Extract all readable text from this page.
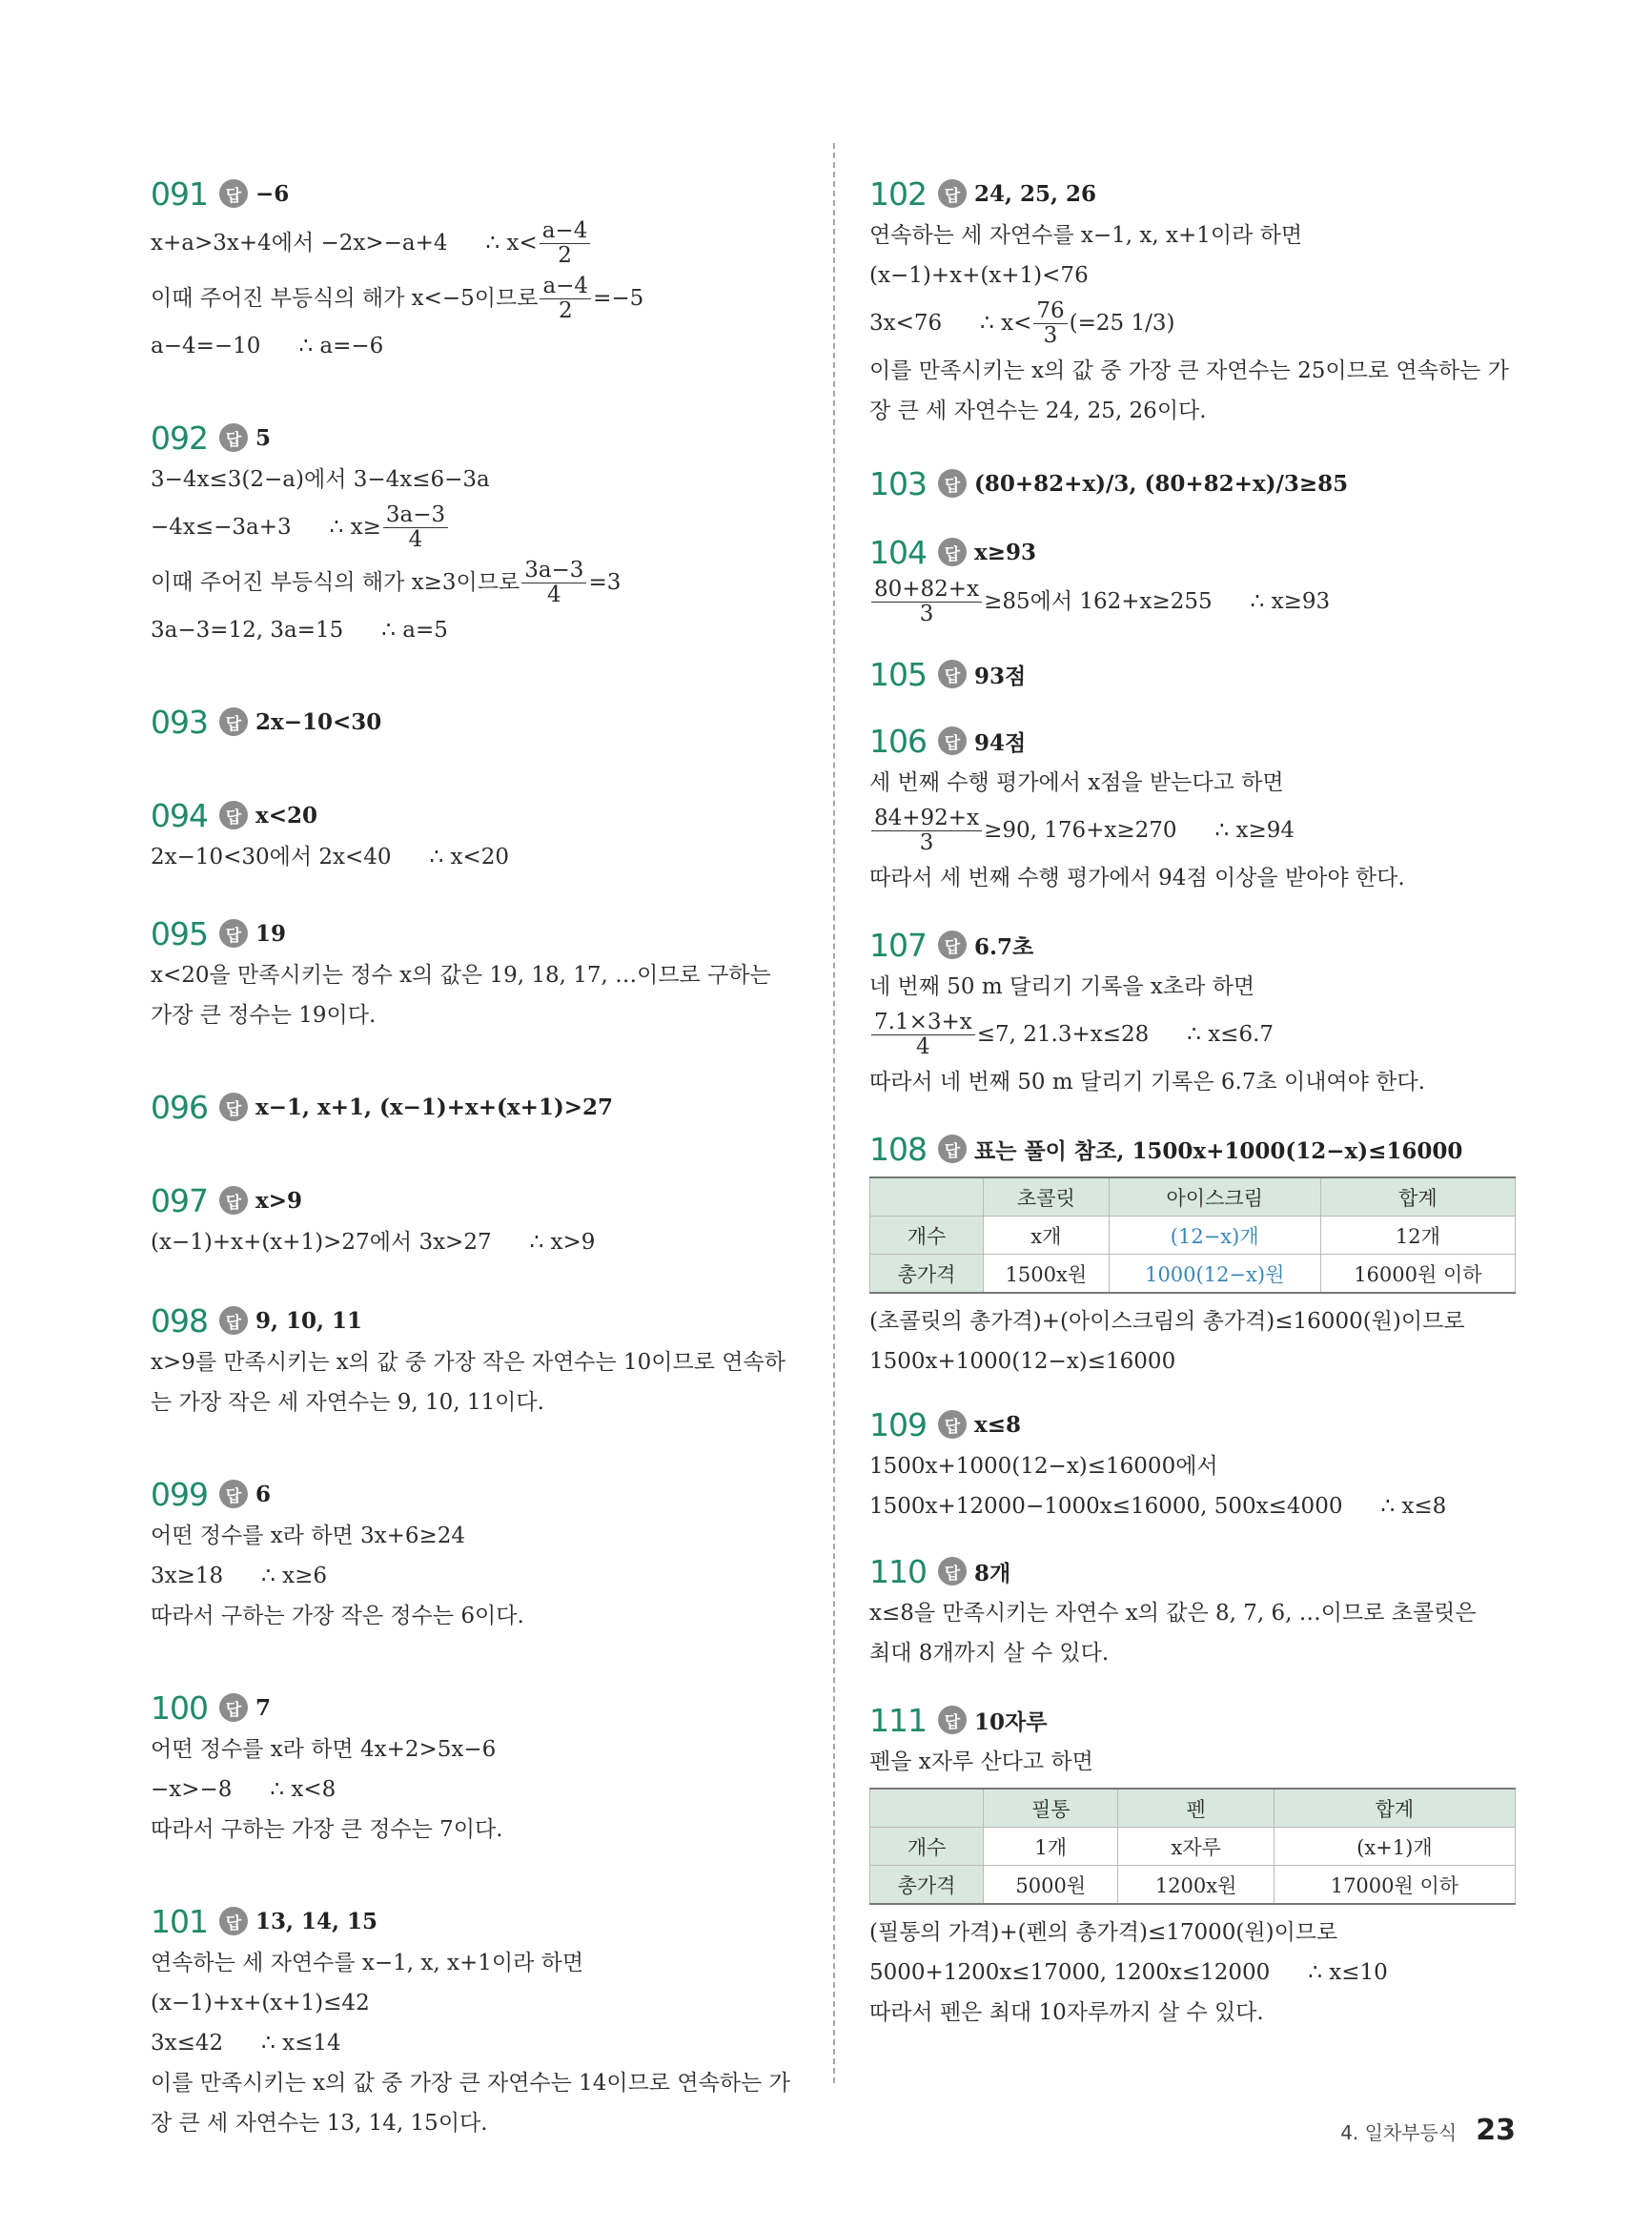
091	답 −6
x+a>3x+4에서 −2x>−a+4 ∴ $x< \frac{a-4}{2}$
이때 주어진 부등식의 해가 x<−5이므로 $\frac{a-4}{2} =-5$
a−4=−10 ∴ a=−6
092	답 5
3−4x≤3(2−a)에서 3−4x≤6−3a
−4x≤−3a+3 ∴ $x\ge \frac{3a-3}{4}$
이때 주어진 부등식의 해가 x≥3이므로 $\frac{3a-3}{4} =3$
3a−3=12, 3a=15 ∴ a=5
093	답 2x−10<30
094	답 x<20
2x−10<30에서 2x<40 ∴ x<20
095	답 19
x<20을 만족시키는 정수 x의 값은 19, 18, 17, …이므로 구하는
가장 큰 정수는 19이다.
096	답 x−1, x+1, (x−1)+x+(x+1)>27
097	답 x>9
(x−1)+x+(x+1)>27에서 3x>27 ∴ x>9
098	답 9, 10, 11
x>9를 만족시키는 x의 값 중 가장 작은 자연수는 10이므로 연속하
는 가장 작은 세 자연수는 9, 10, 11이다.
099	답 6
어떤 정수를 x라 하면 3x+6≥24
3x≥18 ∴ x≥6
따라서 구하는 가장 작은 정수는 6이다.
100	답 7
어떤 정수를 x라 하면 4x+2>5x−6
−x>−8 ∴ x<8
따라서 구하는 가장 큰 정수는 7이다.
101	답 13, 14, 15
연속하는 세 자연수를 x−1, x, x+1이라 하면
(x−1)+x+(x+1)≤42
3x≤42 ∴ x≤14
이를 만족시키는 x의 값 중 가장 큰 자연수는 14이므로 연속하는 가
장 큰 세 자연수는 13, 14, 15이다.
102	답 24, 25, 26
연속하는 세 자연수를 x−1, x, x+1이라 하면
(x−1)+x+(x+1)<76
3x<76 ∴ $x< \frac{76}{3} (=25$ 1/3)
이를 만족시키는 x의 값 중 가장 큰 자연수는 25이므로 연속하는 가
장 큰 세 자연수는 24, 25, 26이다.
103	답 (80+82+x)/3, (80+82+x)/3≥85
104	답 x≥93
$\frac{80+82+x}{3} \ge 85$에서 162+x≥255 ∴ x≥93
105	답 93점
106	답 94점
세 번째 수행 평가에서 x점을 받는다고 하면
$\frac{84+92+x}{3} \ge 90$, 176+x≥270 ∴ x≥94
따라서 세 번째 수행 평가에서 94점 이상을 받아야 한다.
107	답 6.7초
네 번째 50 m 달리기 기록을 x초라 하면
$\frac{7.1\times 3+x}{4} \le 7$, 21.3+x≤28 ∴ x≤6.7
따라서 네 번째 50 m 달리기 기록은 6.7초 이내여야 한다.
108	답 표는 풀이 참조, 1500x+1000(12−x)≤16000
	초콜릿	아이스크림	합계
개수	x개	(12−x)개	12개
총가격	1500x원	1000(12−x)원	16000원 이하
(초콜릿의 총가격)+(아이스크림의 총가격)≤16000(원)이므로
1500x+1000(12−x)≤16000
109	답 x≤8
1500x+1000(12−x)≤16000에서
1500x+12000−1000x≤16000, 500x≤4000 ∴ x≤8
110	답 8개
x≤8을 만족시키는 자연수 x의 값은 8, 7, 6, …이므로 초콜릿은
최대 8개까지 살 수 있다.
111	답 10자루
펜을 x자루 산다고 하면
	필통	펜	합계
개수	1개	x자루	(x+1)개
총가격	5000원	1200x원	17000원 이하
(필통의 가격)+(펜의 총가격)≤17000(원)이므로
5000+1200x≤17000, 1200x≤12000 ∴ x≤10
따라서 펜은 최대 10자루까지 살 수 있다.
4. 일차부등식 23
